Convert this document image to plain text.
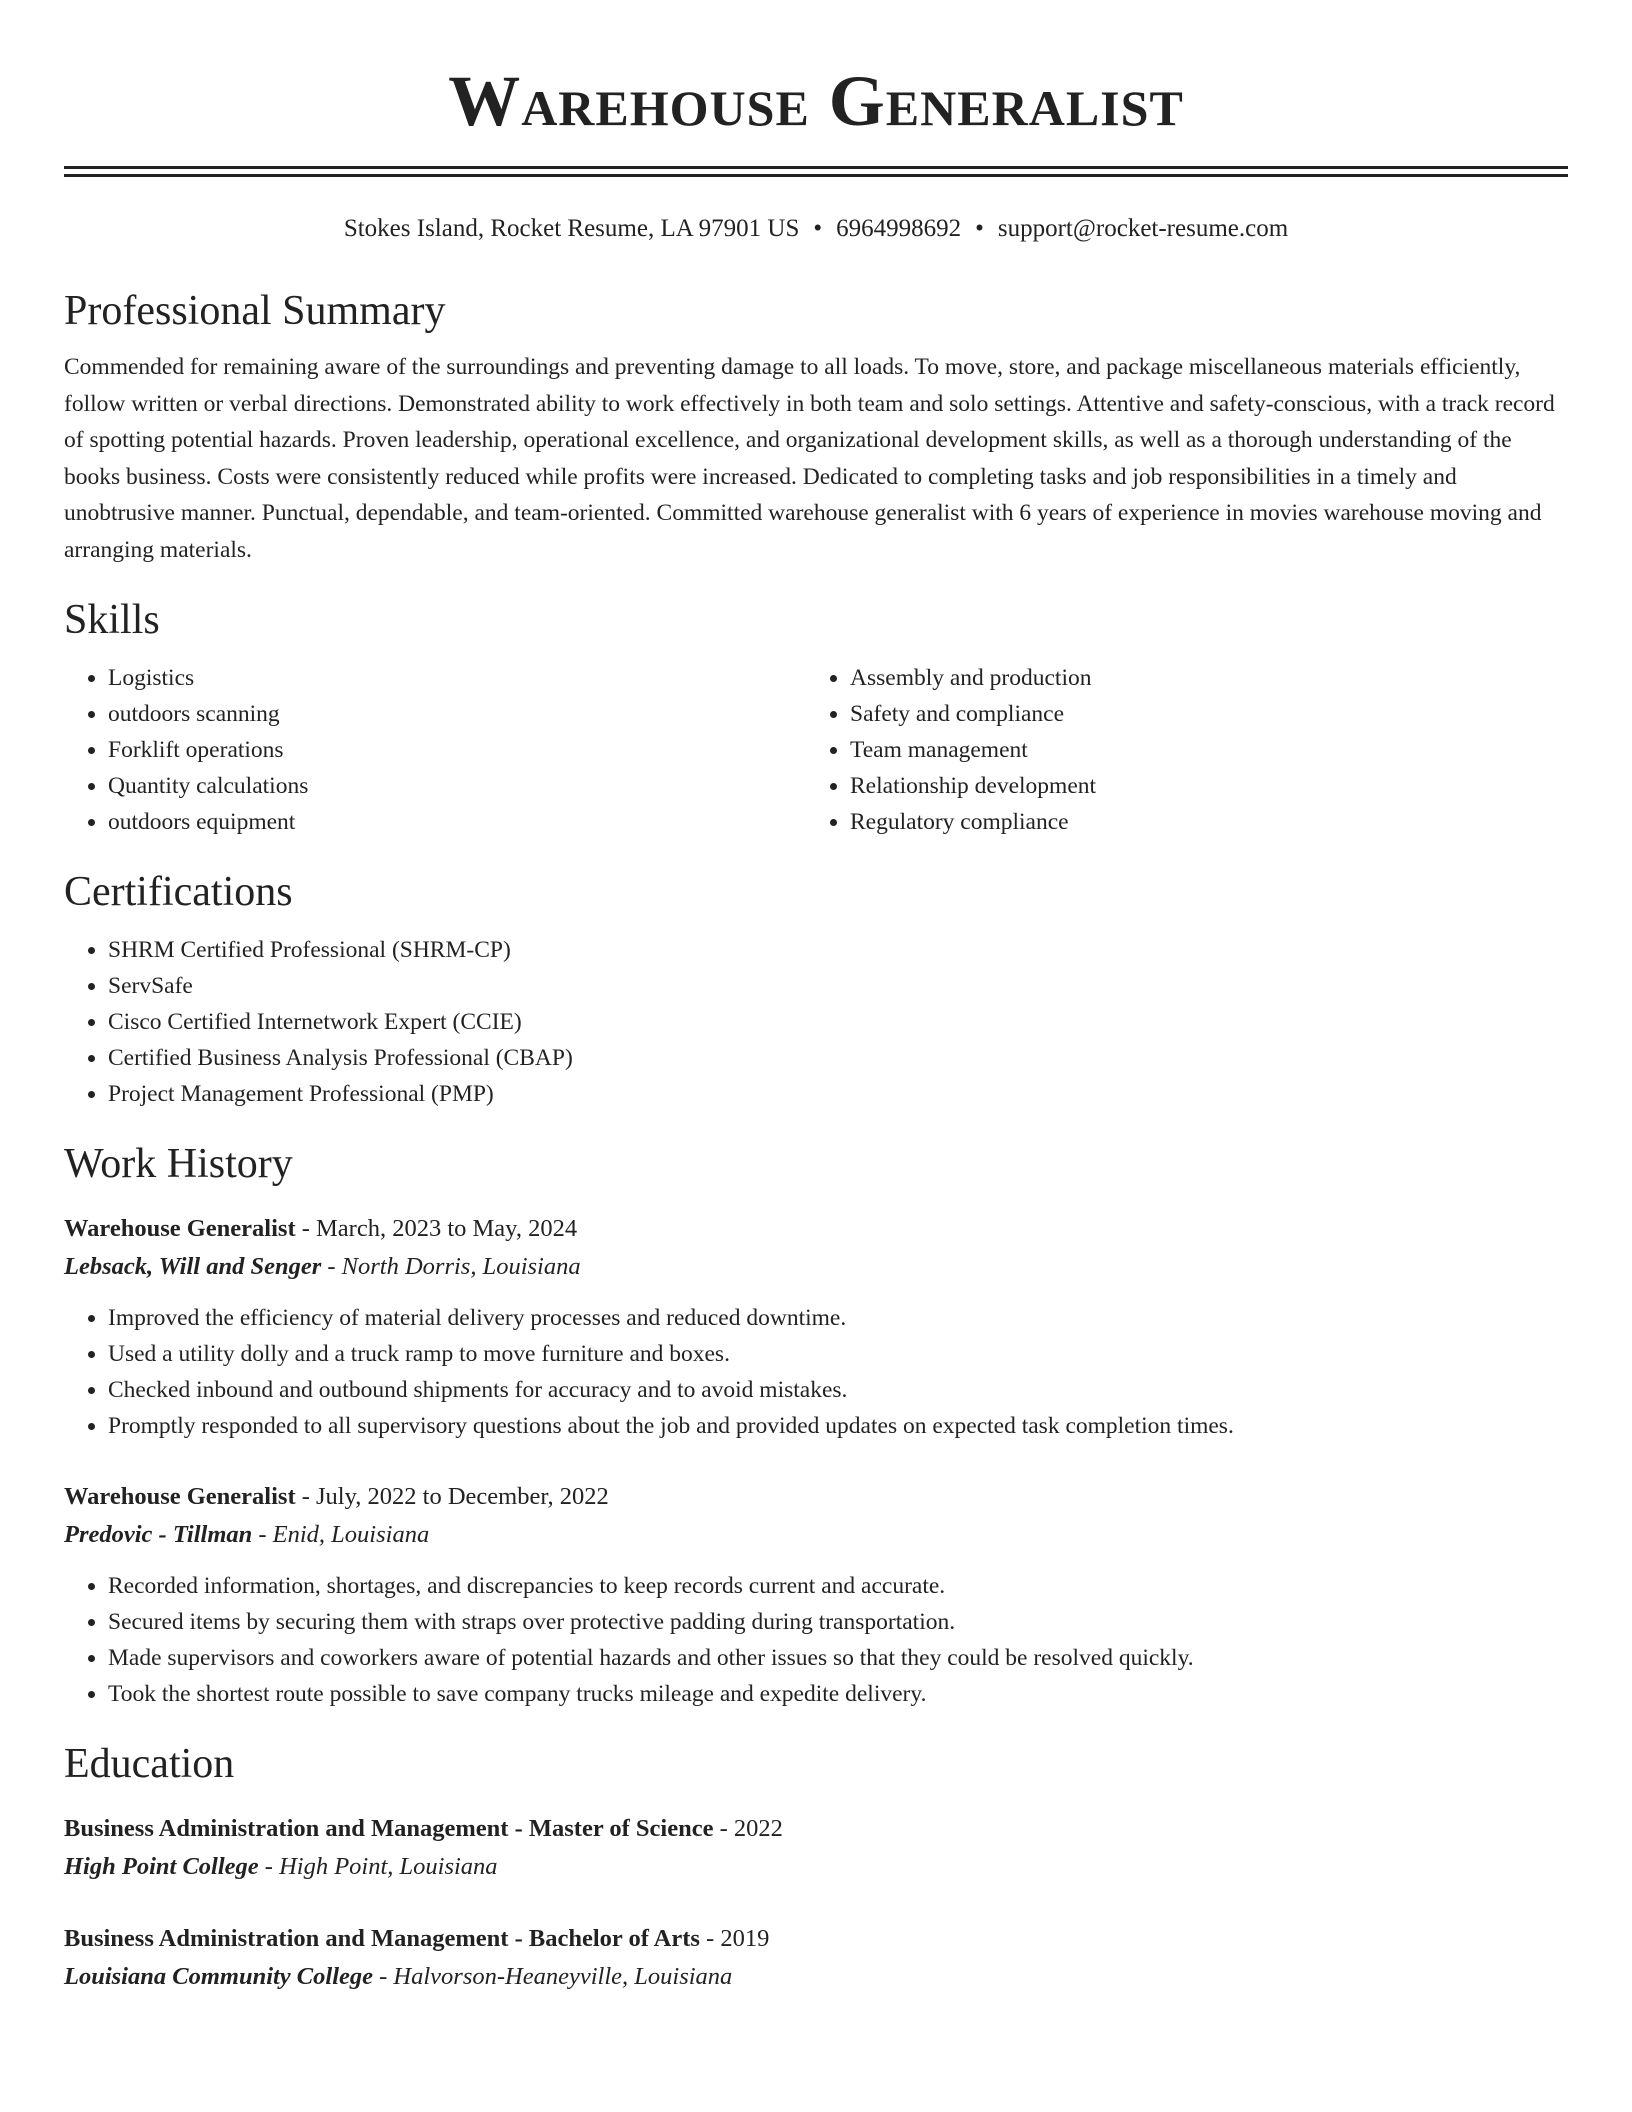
Warehouse Generalist
Stokes Island, Rocket Resume, LA 97901 US • 6964998692 • support@rocket-resume.com
Professional Summary

Commended for remaining aware of the surroundings and preventing damage to all loads. To move, store, and package miscellaneous materials efficiently, follow written or verbal directions. Demonstrated ability to work effectively in both team and solo settings. Attentive and safety-conscious, with a track record of spotting potential hazards. Proven leadership, operational excellence, and organizational development skills, as well as a thorough understanding of the books business. Costs were consistently reduced while profits were increased. Dedicated to completing tasks and job responsibilities in a timely and unobtrusive manner. Punctual, dependable, and team-oriented. Committed warehouse generalist with 6 years of experience in movies warehouse moving and arranging materials.

Skills
• Logistics
• outdoors scanning
• Forklift operations
• Quantity calculations
• outdoors equipment
• Assembly and production
• Safety and compliance
• Team management
• Relationship development
• Regulatory compliance
Certifications
• SHRM Certified Professional (SHRM-CP)
• ServSafe
• Cisco Certified Internetwork Expert (CCIE)
• Certified Business Analysis Professional (CBAP)
• Project Management Professional (PMP)
Work History
Warehouse Generalist - March, 2023 to May, 2024
Lebsack, Will and Senger - North Dorris, Louisiana
• Improved the efficiency of material delivery processes and reduced downtime.
• Used a utility dolly and a truck ramp to move furniture and boxes.
• Checked inbound and outbound shipments for accuracy and to avoid mistakes.
• Promptly responded to all supervisory questions about the job and provided updates on expected task completion times.
Warehouse Generalist - July, 2022 to December, 2022
Predovic - Tillman - Enid, Louisiana
• Recorded information, shortages, and discrepancies to keep records current and accurate.
• Secured items by securing them with straps over protective padding during transportation.
• Made supervisors and coworkers aware of potential hazards and other issues so that they could be resolved quickly.
• Took the shortest route possible to save company trucks mileage and expedite delivery.
Education
Business Administration and Management - Master of Science - 2022
High Point College - High Point, Louisiana
Business Administration and Management - Bachelor of Arts - 2019
Louisiana Community College - Halvorson-Heaneyville, Louisiana
